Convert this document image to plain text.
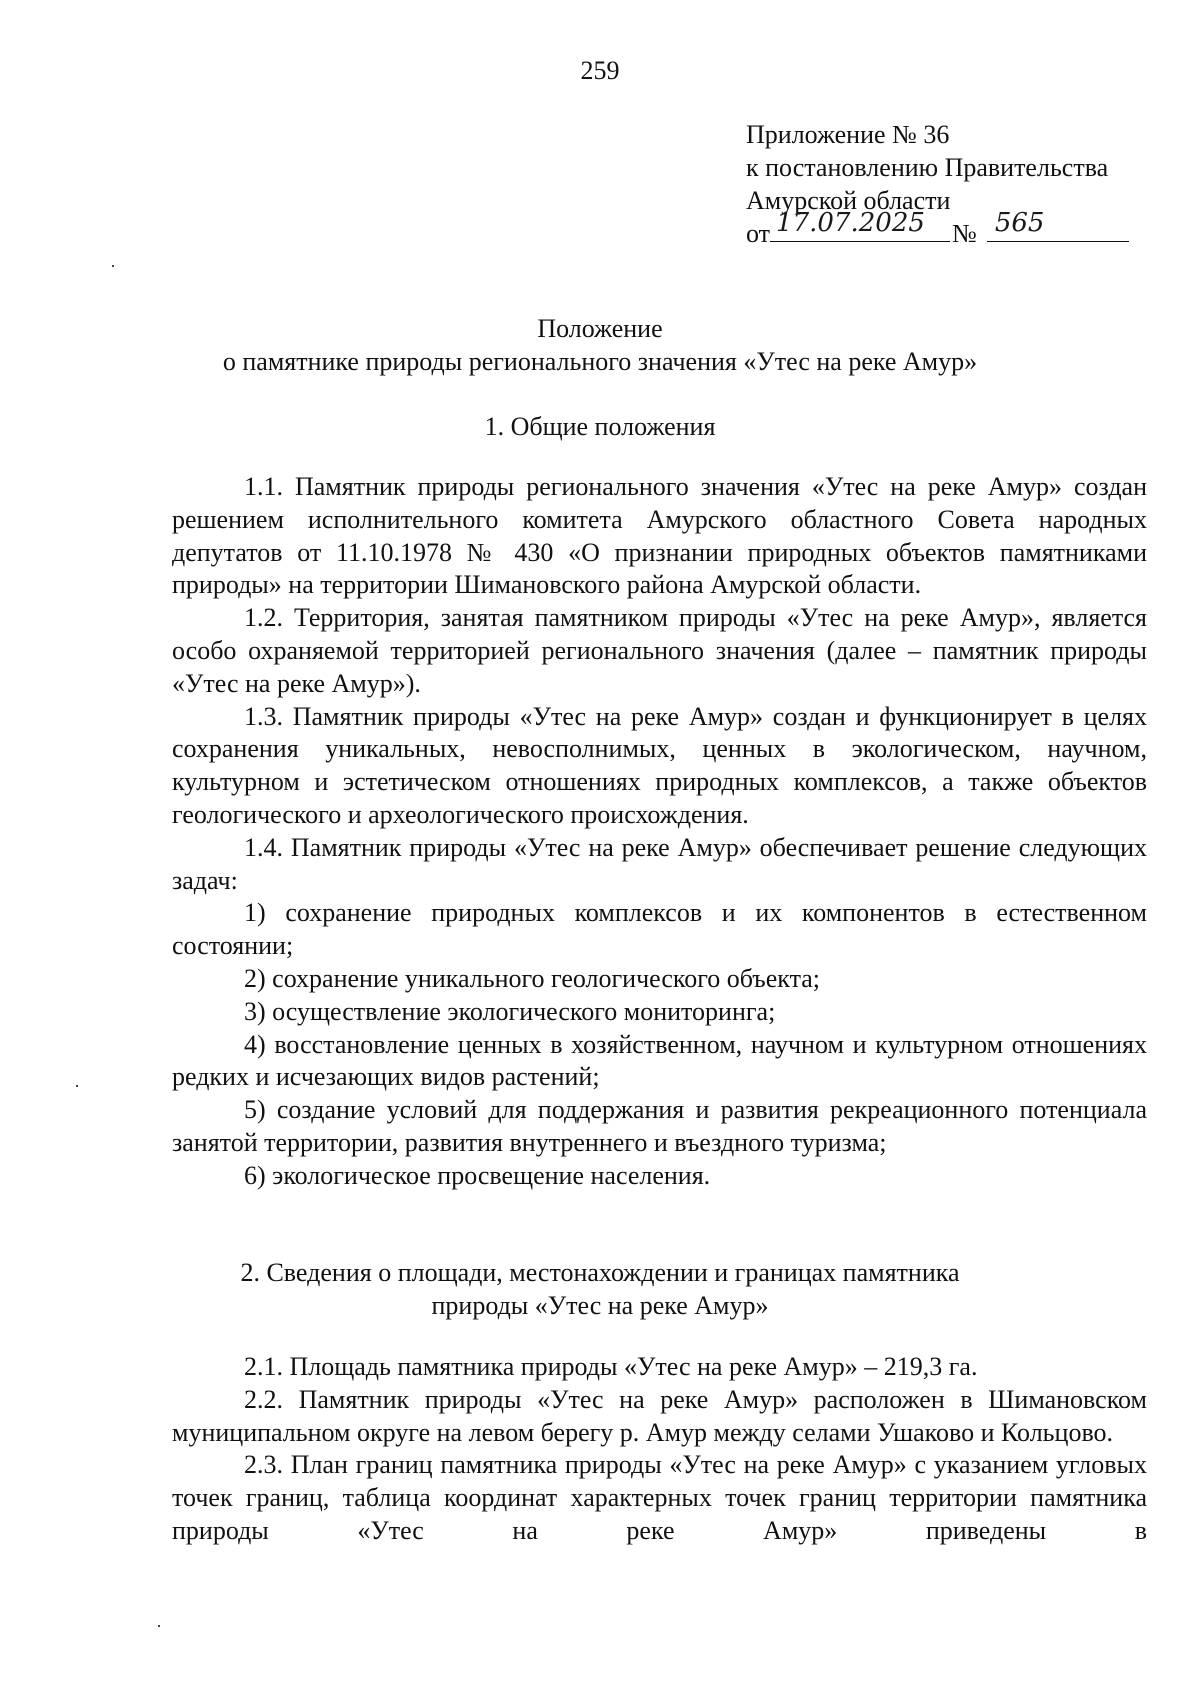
259
Приложение № 36
к постановлению Правительства
Амурской области
от 17.07.2025 № 565
Положение
о памятнике природы регионального значения «Утес на реке Амур»
1. Общие положения

1.1. Памятник природы регионального значения «Утес на реке Амур» создан решением исполнительного комитета Амурского областного Совета народных депутатов от 11.10.1978 № 430 «О признании природных объектов памятниками природы» на территории Шимановского района Амурской области.

1.2. Территория, занятая памятником природы «Утес на реке Амур», является особо охраняемой территорией регионального значения (далее – памятник природы «Утес на реке Амур»).

1.3. Памятник природы «Утес на реке Амур» создан и функционирует в целях сохранения уникальных, невосполнимых, ценных в экологическом, научном, культурном и эстетическом отношениях природных комплексов, а также объектов геологического и археологического происхождения.

1.4. Памятник природы «Утес на реке Амур» обеспечивает решение следующих задач:

1) сохранение природных комплексов и их компонентов в естественном состоянии;

2) сохранение уникального геологического объекта;

3) осуществление экологического мониторинга;

4) восстановление ценных в хозяйственном, научном и культурном отношениях редких и исчезающих видов растений;

5) создание условий для поддержания и развития рекреационного потенциала занятой территории, развития внутреннего и въездного туризма;

6) экологическое просвещение населения.

2. Сведения о площади, местонахождении и границах памятника
природы «Утес на реке Амур»

2.1. Площадь памятника природы «Утес на реке Амур» – 219,3 га.

2.2. Памятник природы «Утес на реке Амур» расположен в Шимановском муниципальном округе на левом берегу р. Амур между селами Ушаково и Кольцово.

2.3. План границ памятника природы «Утес на реке Амур» с указанием угловых точек границ, таблица координат характерных точек границ территории памятника природы «Утес на реке Амур» приведены в
